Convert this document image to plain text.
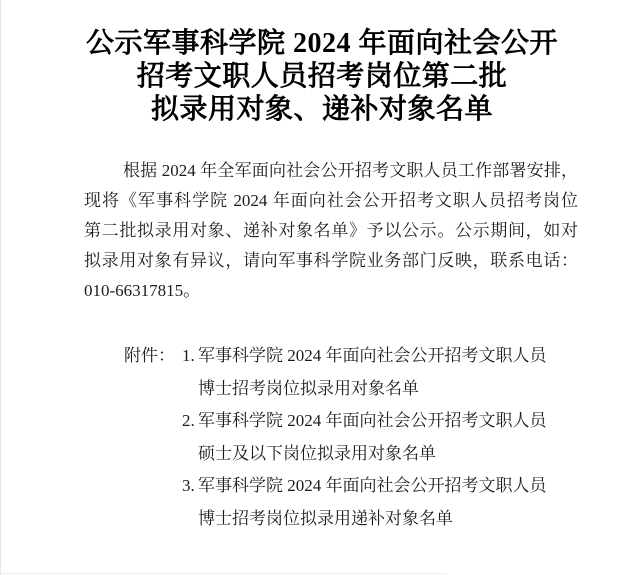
公示军事科学院 2024 年面向社会公开
招考文职人员招考岗位第二批
拟录用对象、递补对象名单
根据 2024 年全军面向社会公开招考文职人员工作部署安排，
现将《军事科学院 2024 年面向社会公开招考文职人员招考岗位
第二批拟录用对象、递补对象名单》予以公示。公示期间，如对
拟录用对象有异议，请向军事科学院业务部门反映，联系电话：
010-66317815。
附件： 1. 军事科学院 2024 年面向社会公开招考文职人员
博士招考岗位拟录用对象名单
2. 军事科学院 2024 年面向社会公开招考文职人员
硕士及以下岗位拟录用对象名单
3. 军事科学院 2024 年面向社会公开招考文职人员
博士招考岗位拟录用递补对象名单
